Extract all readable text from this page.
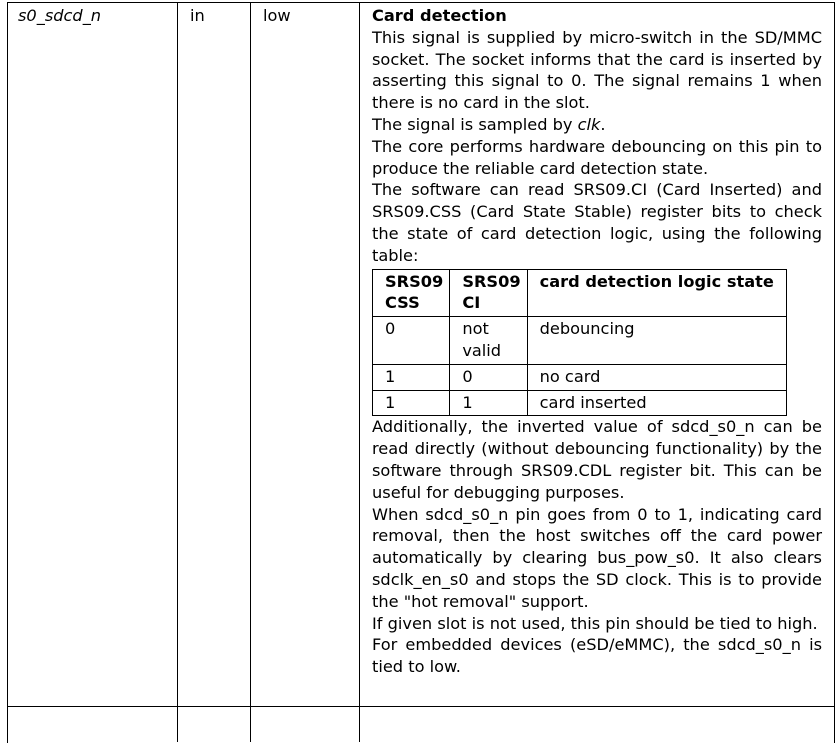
s0_sdcd_n	in	low	Card detection

This signal is supplied by micro-switch in the SD/MMC socket. The socket informs that the card is inserted by asserting this signal to 0. The signal remains 1 when there is no card in the slot.

The signal is sampled by clk.

The core performs hardware debouncing on this pin to produce the reliable card detection state.

The software can read SRS09.CI (Card Inserted) and SRS09.CSS (Card State Stable) register bits to check the state of card detection logic, using the following table:

SRS09 CSS	SRS09 CI	card detection logic state
0	not valid	debouncing
1	0	no card
1	1	card inserted

Additionally, the inverted value of sdcd_s0_n can be read directly (without debouncing functionality) by the software through SRS09.CDL register bit. This can be useful for debugging purposes.

When sdcd_s0_n pin goes from 0 to 1, indicating card removal, then the host switches off the card power automatically by clearing bus_pow_s0. It also clears sdclk_en_s0 and stops the SD clock. This is to provide the "hot removal" support.

If given slot is not used, this pin should be tied to high.

For embedded devices (eSD/eMMC), the sdcd_s0_n is tied to low.
